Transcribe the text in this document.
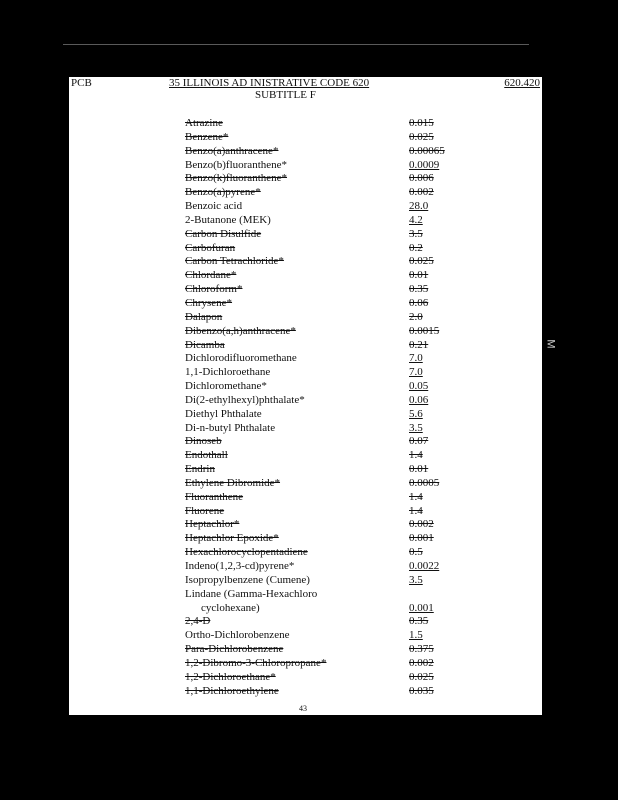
M
PCB	35 ILLINOIS AD INISTRATIVE CODE 620	620.420
SUBTITLE F
Atrazine	0.015
Benzene*	0.025
Benzo(a)anthracene*	0.00065
Benzo(b)fluoranthene*	0.0009
Benzo(k)fluoranthene*	0.006
Benzo(a)pyrene*	0.002
Benzoic acid	28.0
2-Butanone (MEK)	4.2
Carbon Disulfide	3.5
Carbofuran	0.2
Carbon Tetrachloride*	0.025
Chlordane*	0.01
Chloroform*	0.35
Chrysene*	0.06
Dalapon	2.0
Dibenzo(a,h)anthracene*	0.0015
Dicamba	0.21
Dichlorodifluoromethane	7.0
1,1-Dichloroethane	7.0
Dichloromethane*	0.05
Di(2-ethylhexyl)phthalate*	0.06
Diethyl Phthalate	5.6
Di-n-butyl Phthalate	3.5
Dinoseb	0.07
Endothall	1.4
Endrin	0.01
Ethylene Dibromide*	0.0005
Fluoranthene	1.4
Fluorene	1.4
Heptachlor*	0.002
Heptachlor Epoxide*	0.001
Hexachlorocyclopentadiene	0.5
Indeno(1,2,3-cd)pyrene*	0.0022
Isopropylbenzene (Cumene)	3.5
Lindane (Gamma-Hexachloro
cyclohexane)	0.001
2,4-D	0.35
Ortho-Dichlorobenzene	1.5
Para-Dichlorobenzene	0.375
1,2-Dibromo-3-Chloropropane*	0.002
1,2-Dichloroethane*	0.025
1,1-Dichloroethylene	0.035
43
